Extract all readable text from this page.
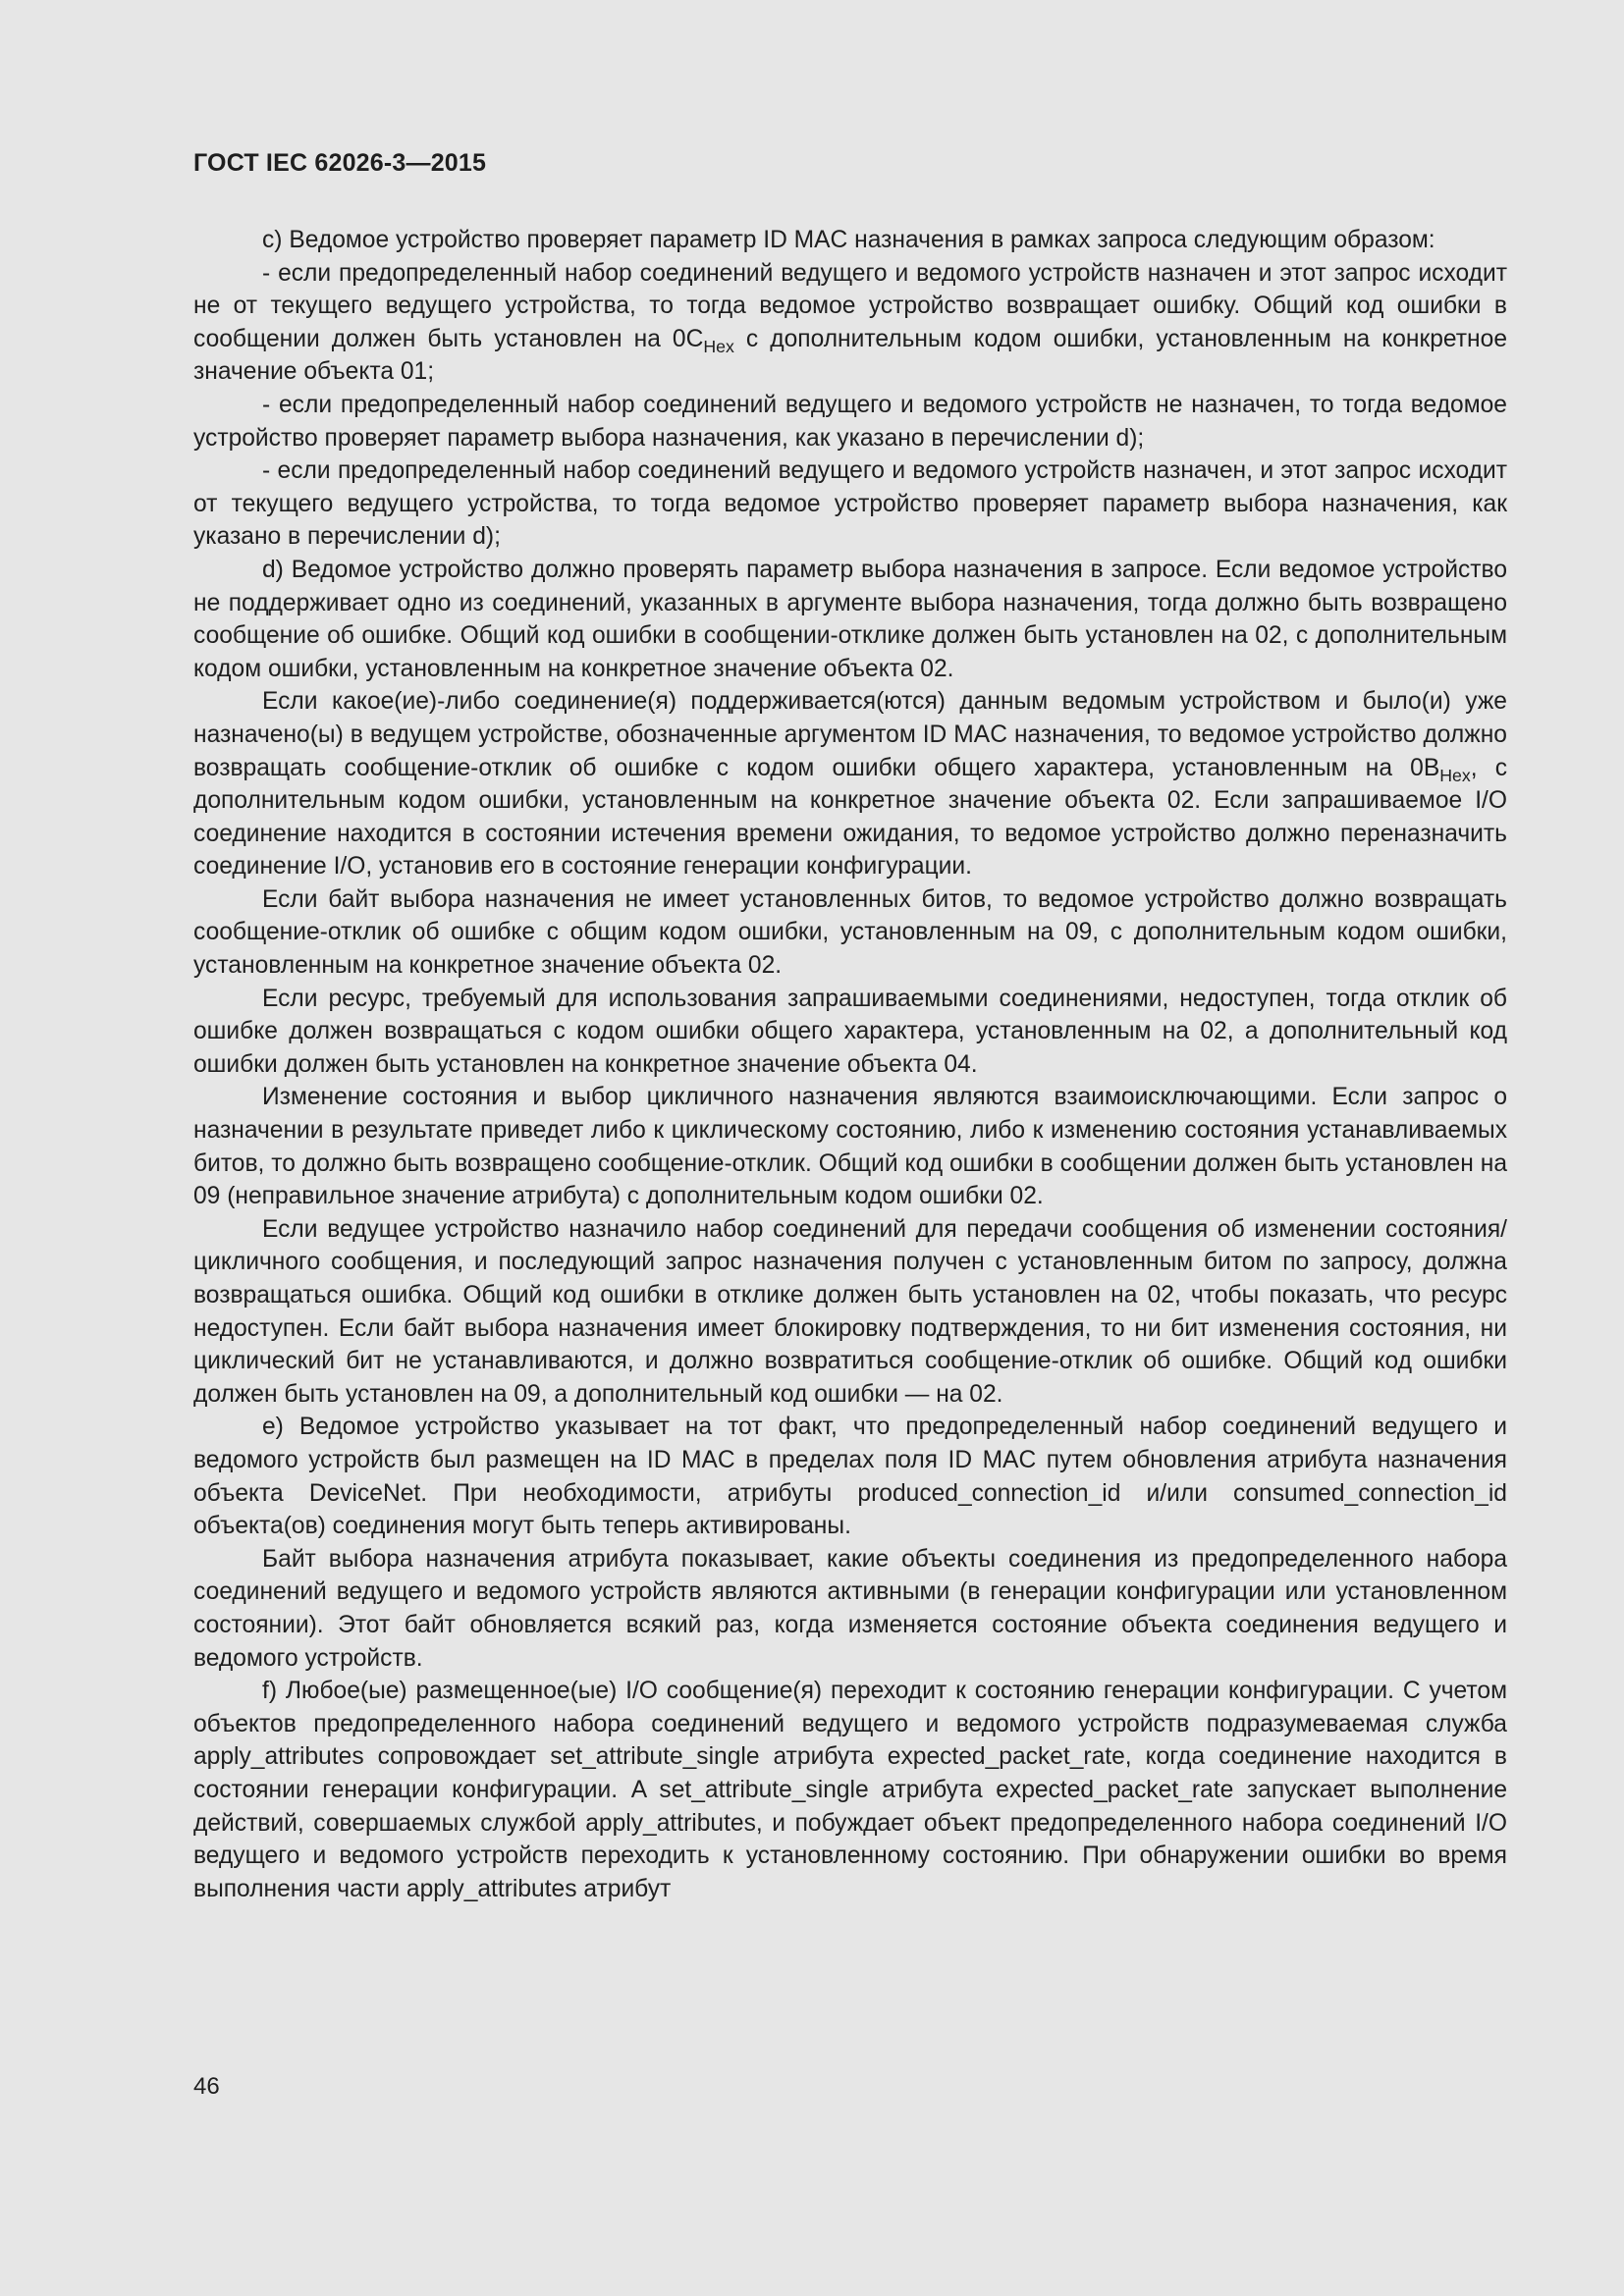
ГОСТ IEC 62026-3—2015

c) Ведомое устройство проверяет параметр ID MAC назначения в рамках запроса следующим образом:

- если предопределенный набор соединений ведущего и ведомого устройств назначен и этот запрос исходит не от текущего ведущего устройства, то тогда ведомое устройство возвращает ошибку. Общий код ошибки в сообщении должен быть установлен на $0C_{Hex}$ с дополнительным кодом ошибки, установленным на конкретное значение объекта 01;

- если предопределенный набор соединений ведущего и ведомого устройств не назначен, то тогда ведомое устройство проверяет параметр выбора назначения, как указано в перечислении d);

- если предопределенный набор соединений ведущего и ведомого устройств назначен, и этот запрос исходит от текущего ведущего устройства, то тогда ведомое устройство проверяет параметр выбора назначения, как указано в перечислении d);

d) Ведомое устройство должно проверять параметр выбора назначения в запросе. Если ведомое устройство не поддерживает одно из соединений, указанных в аргументе выбора назначения, тогда должно быть возвращено сообщение об ошибке. Общий код ошибки в сообщении-отклике должен быть установлен на 02, с дополнительным кодом ошибки, установленным на конкретное значение объекта 02.

Если какое(ие)-либо соединение(я) поддерживается(ются) данным ведомым устройством и было(и) уже назначено(ы) в ведущем устройстве, обозначенные аргументом ID MAC назначения, то ведомое устройство должно возвращать сообщение-отклик об ошибке с кодом ошибки общего характера, установленным на $0B_{Hex}$, с дополнительным кодом ошибки, установленным на конкретное значение объекта 02. Если запрашиваемое I/O соединение находится в состоянии истечения времени ожидания, то ведомое устройство должно переназначить соединение I/O, установив его в состояние генерации конфигурации.

Если байт выбора назначения не имеет установленных битов, то ведомое устройство должно возвращать сообщение-отклик об ошибке с общим кодом ошибки, установленным на 09, с дополнительным кодом ошибки, установленным на конкретное значение объекта 02.

Если ресурс, требуемый для использования запрашиваемыми соединениями, недоступен, тогда отклик об ошибке должен возвращаться с кодом ошибки общего характера, установленным на 02, а дополнительный код ошибки должен быть установлен на конкретное значение объекта 04.

Изменение состояния и выбор цикличного назначения являются взаимоисключающими. Если запрос о назначении в результате приведет либо к циклическому состоянию, либо к изменению состояния устанавливаемых битов, то должно быть возвращено сообщение-отклик. Общий код ошибки в сообщении должен быть установлен на 09 (неправильное значение атрибута) с дополнительным кодом ошибки 02.

Если ведущее устройство назначило набор соединений для передачи сообщения об изменении состояния/цикличного сообщения, и последующий запрос назначения получен с установленным битом по запросу, должна возвращаться ошибка. Общий код ошибки в отклике должен быть установлен на 02, чтобы показать, что ресурс недоступен. Если байт выбора назначения имеет блокировку подтверждения, то ни бит изменения состояния, ни циклический бит не устанавливаются, и должно возвратиться сообщение-отклик об ошибке. Общий код ошибки должен быть установлен на 09, а дополнительный код ошибки — на 02.

e) Ведомое устройство указывает на тот факт, что предопределенный набор соединений ведущего и ведомого устройств был размещен на ID MAC в пределах поля ID MAC путем обновления атрибута назначения объекта DeviceNet. При необходимости, атрибуты produced_connection_id и/или consumed_​connection_id объекта(ов) соединения могут быть теперь активированы.

Байт выбора назначения атрибута показывает, какие объекты соединения из предопределенного набора соединений ведущего и ведомого устройств являются активными (в генерации конфигурации или установленном состоянии). Этот байт обновляется всякий раз, когда изменяется состояние объекта соединения ведущего и ведомого устройств.

f) Любое(ые) размещенное(ые) I/O сообщение(я) переходит к состоянию генерации конфигурации. С учетом объектов предопределенного набора соединений ведущего и ведомого устройств подразумеваемая служба apply_attributes сопровождает set_attribute_single атрибута expected_packet_rate, когда соединение находится в состоянии генерации конфигурации. A set_attribute_single атрибута expected_packet_rate запускает выполнение действий, совершаемых службой apply_attributes, и побуждает объект предопределенного набора соединений I/O ведущего и ведомого устройств переходить к установленному состоянию. При обнаружении ошибки во время выполнения части apply_attributes атрибут

46
